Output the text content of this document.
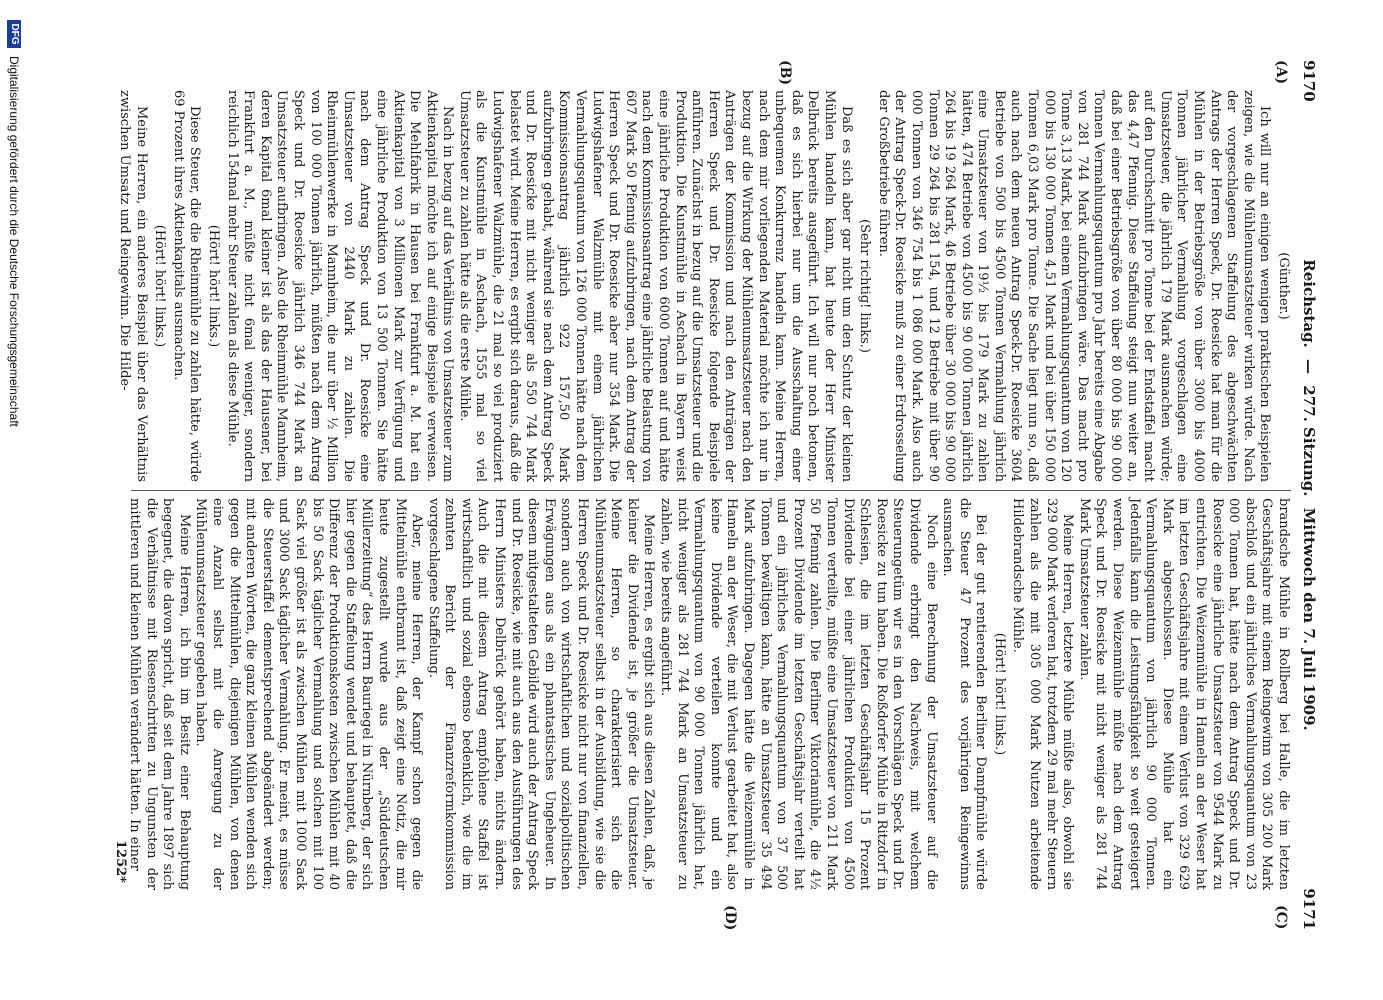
9170
Reichstag. — 277. Sitzung. Mittwoch den 7. Juli 1909.
9171
(A)
(B)
(C)
(D)
(Günther.)

Ich will nur an einigen wenigen praktischen Beispielen zeigen, wie die Mühlenumsatzsteuer wirken würde. Nach der vorgeschlagenen Staffelung des abgeschwächten Antrags der Herren Speck, Dr. Roesicke hat man für die Mühlen in der Betriebsgröße von über 3000 bis 4000 Tonnen jährlicher Vermahlung vorgeschlagen eine Umsatzsteuer, die jährlich 179 Mark ausmachen würde; auf den Durchschnitt pro Tonne bei der Endstaffel macht das 4,47 Pfennig. Diese Staffelung steigt nun weiter an, daß bei einer Betriebsgröße von über 80 000 bis 90 000 Tonnen Vermahlungsquantum pro Jahr bereits eine Abgabe von 281 744 Mark aufzubringen wäre. Das macht pro Tonne 3,13 Mark, bei einem Vermahlungsquantum von 120 000 bis 130 000 Tonnen 4,51 Mark und bei über 150 000 Tonnen 6,03 Mark pro Tonne. Die Sache liegt nun so, daß auch nach dem neuen Antrag Speck-Dr. Roesicke 3604 Betriebe von 500 bis 4500 Tonnen Vermahlung jährlich eine Umsatzsteuer von 19½ bis 179 Mark zu zahlen hätten, 474 Betriebe von 4500 bis 90 000 Tonnen jährlich 264 bis 19 264 Mark, 46 Betriebe über 30 000 bis 90 000 Tonnen 29 264 bis 281 154, und 12 Betriebe mit über 90 000 Tonnen von 346 754 bis 1 086 000 Mark. Also auch der Antrag Speck-Dr. Roesicke muß zu einer Erdrosselung der Großbetriebe führen.

(Sehr richtig! links.)

Daß es sich aber gar nicht um den Schutz der kleinen Mühlen handeln kann, hat heute der Herr Minister Delbrück bereits ausgeführt. Ich will nur noch betonen, daß es sich hierbei nur um die Ausschaltung einer unbequemen Konkurrenz handeln kann. Meine Herren, nach dem mir vorliegenden Material möchte ich nur in bezug auf die Wirkung der Mühlenumsatzsteuer nach den Anträgen der Kommission und nach den Anträgen der Herren Speck und Dr. Roesicke folgende Beispiele anführen. Zunächst in bezug auf die Umsatzsteuer und die Produktion. Die Kunstmühle in Aschach in Bayern weist eine jährliche Produktion von 6000 Tonnen auf und hätte nach dem Kommissionsantrag eine jährliche Belastung von 607 Mark 50 Pfennig aufzubringen, nach dem Antrag der Herren Speck und Dr. Roesicke aber nur 354 Mark. Die Ludwigshafener Walzmühle mit einem jährlichen Vermahlungsquantum von 126 000 Tonnen hätte nach dem Kommissionsantrag jährlich 922 157,50 Mark aufzubringen gehabt, während sie nach dem Antrag Speck und Dr. Roesicke mit nicht weniger als 550 744 Mark belastet wird. Meine Herren, es ergibt sich daraus, daß die Ludwigshafener Walzmühle, die 21 mal so viel produziert als die Kunstmühle in Aschach, 1555 mal so viel Umsatzsteuer zu zahlen hätte als die erste Mühle.

Nach in bezug auf das Verhältnis von Umsatzsteuer zum Aktienkapital möchte ich auf einige Beispiele verweisen. Die Mehlfabrik in Hausen bei Frankfurt a. M. hat ein Aktienkapital von 3 Millionen Mark zur Verfügung und eine jährliche Produktion von 13 500 Tonnen. Sie hätte nach dem Antrag Speck und Dr. Roesicke eine Umsatzsteuer von 2440 Mark zu zahlen. Die Rheinmühlenwerke in Mannheim, die nur über ½ Million von 100 000 Tonnen jährlich, müßten nach dem Antrag Speck und Dr. Roesicke jährlich 346 744 Mark an Umsatzsteuer aufbringen. Also die Rheinmühle Mannheim, deren Kapital 6mal kleiner ist als das der Hausener, bei Frankfurt a. M., müßte nicht 6mal weniger, sondern reichlich 154mal mehr Steuer zahlen als diese Mühle.

(Hört! hört! links.)

Diese Steuer, die die Rheinmühle zu zahlen hätte, würde 69 Prozent ihres Aktienkapitals ausmachen.

(Hört! hört! links.)

Meine Herren, ein anderes Beispiel über das Verhältnis zwischen Umsatz und Reingewinn. Die Hilde-

brandsche Mühle in Rollberg bei Halle, die im letzten Geschäftsjahre mit einem Reingewinn von 305 200 Mark abschloß und ein jährliches Vermahlungsquantum von 23 000 Tonnen hat, hätte nach dem Antrag Speck und Dr. Roesicke eine jährliche Umsatzsteuer von 9544 Mark zu entrichten. Die Weizenmühle in Hameln an der Weser hat im letzten Geschäftsjahre mit einem Verlust von 329 629 Mark abgeschlossen. Diese Mühle hat ein Vermahlungsquantum von jährlich 90 000 Tonnen. Jedenfalls kann die Leistungsfähigkeit so weit gesteigert werden. Diese Weizenmühle müßte nach dem Antrag Speck und Dr. Roesicke mit nicht weniger als 281 744 Mark Umsatzsteuer zahlen.

Meine Herren, letztere Mühle müßte also, obwohl sie 329 000 Mark verloren hat, trotzdem 29 mal mehr Steuern zahlen als die mit 305 000 Mark Nutzen arbeitende Hildebrandsche Mühle.

(Hört! hört! links.)

Bei der gut rentierenden Berliner Dampfmühle würde die Steuer 47 Prozent des vorjährigen Reingewinns ausmachen.

Noch eine Berechnung der Umsatzsteuer auf die Dividende erbringt den Nachweis, mit welchem Steuerungetüm wir es in den Vorschlägen Speck und Dr. Roesicke zu tun haben. Die Roßdorfer Mühle in Ritzdorf in Schlesien, die im letzten Geschäftsjahr 15 Prozent Dividende bei einer jährlichen Produktion von 4500 Tonnen verteilte, müßte eine Umsatzsteuer von 211 Mark 50 Pfennig zahlen. Die Berliner Viktoriamühle, die 4½ Prozent Dividende im letzten Geschäftsjahr verteilt hat und ein jährliches Vermahlungsquantum von 37 500 Tonnen bewältigen kann, hätte an Umsatzsteuer 35 494 Mark aufzubringen. Dagegen hätte die Weizenmühle in Hameln an der Weser, die mit Verlust gearbeitet hat, also keine Dividende verteilen konnte und ein Vermahlungsquantum von 90 000 Tonnen jährlich hat, nicht weniger als 281 744 Mark an Umsatzsteuer zu zahlen, wie bereits angeführt.

Meine Herren, es ergibt sich aus diesen Zahlen, daß, je kleiner die Dividende ist, je größer die Umsatzsteuer. Meine Herren, so charakterisiert sich die Mühlenumsatzsteuer selbst in der Ausbildung, wie sie die Herren Speck und Dr. Roesicke nicht nur von finanziellen, sondern auch von wirtschaftlichen und sozialpolitischen Erwägungen aus als ein phantastisches Ungeheuer. In diesem mitgestalteten Gebilde wird auch der Antrag Speck und Dr. Roesicke, wie mit auch aus den Ausführungen des Herrn Ministers Delbrück gehört haben, nichts ändern. Auch die mit diesem Antrag empfohlene Staffel ist wirtschaftlich und sozial ebenso bedenklich, wie die im zehnten Bericht der Finanzreformkommission vorgeschlagene Staffelung.

Aber, meine Herren, der Kampf schon gegen die Mittelmühle entbrannt ist, daß zeigt eine Notiz, die mir heute zugestellt wurde aus der „Süddeutschen Müllerzeitung“ des Herrn Bauriegel in Nürnberg, der sich hier gegen die Staffelung wendet und behauptet, daß die Differenz der Produktionskosten zwischen Mühlen mit 40 bis 50 Sack täglicher Vermahlung und solchen mit 100 Sack viel größer ist als zwischen Mühlen mit 1000 Sack und 3000 Sack täglicher Vermahlung. Er meint, es müsse die Steuerstaffel dementsprechend abgeändert werden; mit anderen Worten, die ganz kleinen Mühlen wenden sich gegen die Mittelmühlen, diejenigen Mühlen, von denen eine Anzahl selbst mit die Anregung zu der Mühlenumsatzsteuer gegeben haben.

Meine Herren, ich bin im Besitz einer Behauptung begegnet, die davon spricht, daß seit dem Jahre 1897 sich die Verhältnisse mit Riesenschritten zu Ungunsten der mittleren und kleinen Mühlen verändert hätten. In einer

1252*
DFG
Digitalisierung gefördert durch die Deutsche Forschungsgemeinschaft
